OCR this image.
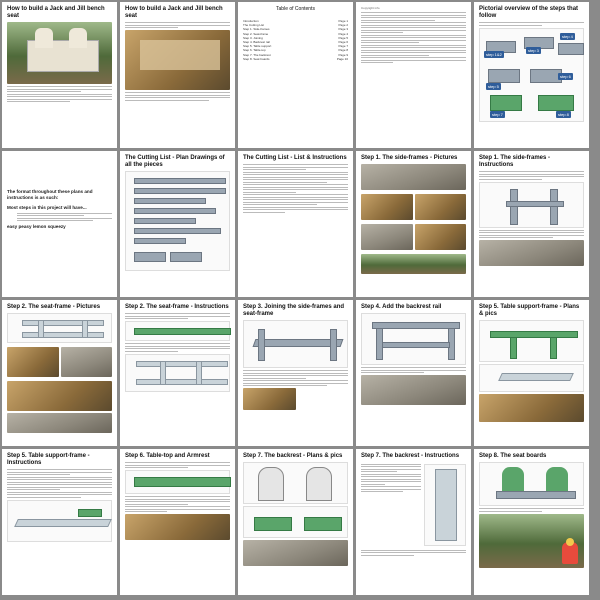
How to build a Jack and Jill bench seat
How to build a Jack and Jill bench seat
Table of Contents
Introduction	Page 1
The Cutting List	Page 2
Step 1. Side-frames	Page 3
Step 2. Seat-frame	Page 4
Step 3. Joining	Page 5
Step 4. Backrest rail	Page 6
Step 5. Table support	Page 7
Step 6. Table-top	Page 8
Step 7. The backrest	Page 9
Step 8. Seat boards	Page 10
Copyright info	Pictorial overview of the steps that follow
step 1&2
step 3
step 4
step 5
step 6
step 7	step 8
The format throughout these plans and instructions is as such:
Most steps in this project will have...
easy peasy lemon squeezy
The Cutting List - Plan Drawings of all the pieces
The Cutting List - List & Instructions Step 1. The side-frames - Pictures	Step 1. The side-frames - Instructions
Step 2. The seat-frame - Pictures	Step 2. The seat-frame - Instructions Step 3. Joining the side-frames and seat-frame
Step 4. Add the backrest rail	Step 5. Table support-frame - Plans & pics
Step 5. Table support-frame - Instructions
Step 6. Table-top and Armrest	Step 7. The backrest - Plans & pics	Step 7. The backrest - Instructions	Step 8. The seat boards
